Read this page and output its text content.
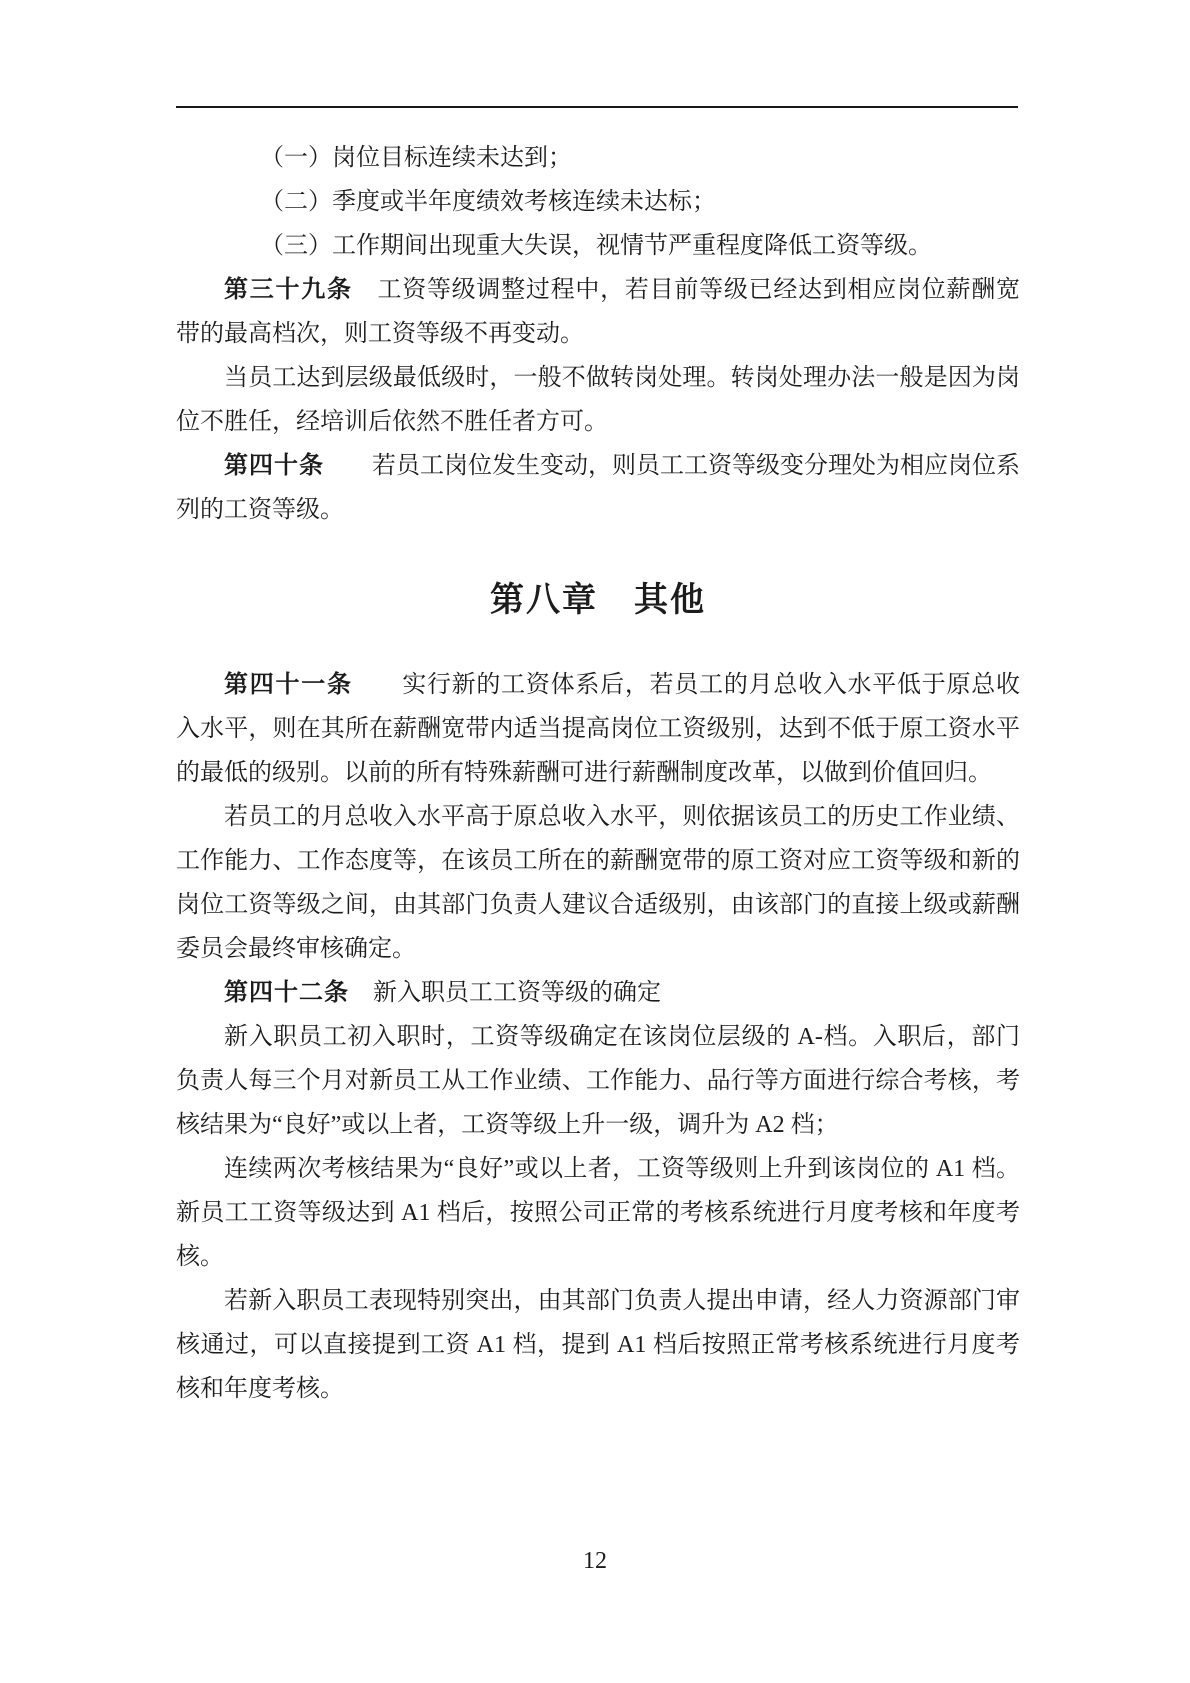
（一）岗位目标连续未达到；

（二）季度或半年度绩效考核连续未达标；

（三）工作期间出现重大失误，视情节严重程度降低工资等级。

第三十九条　工资等级调整过程中，若目前等级已经达到相应岗位薪酬宽带的最高档次，则工资等级不再变动。

当员工达到层级最低级时，一般不做转岗处理。转岗处理办法一般是因为岗位不胜任，经培训后依然不胜任者方可。

第四十条　　若员工岗位发生变动，则员工工资等级变分理处为相应岗位系列的工资等级。

第八章　其他

第四十一条　　实行新的工资体系后，若员工的月总收入水平低于原总收入水平，则在其所在薪酬宽带内适当提高岗位工资级别，达到不低于原工资水平的最低的级别。以前的所有特殊薪酬可进行薪酬制度改革，以做到价值回归。

若员工的月总收入水平高于原总收入水平，则依据该员工的历史工作业绩、工作能力、工作态度等，在该员工所在的薪酬宽带的原工资对应工资等级和新的岗位工资等级之间，由其部门负责人建议合适级别，由该部门的直接上级或薪酬委员会最终审核确定。

第四十二条　新入职员工工资等级的确定

新入职员工初入职时，工资等级确定在该岗位层级的 A-档。入职后，部门负责人每三个月对新员工从工作业绩、工作能力、品行等方面进行综合考核，考核结果为“良好”或以上者，工资等级上升一级，调升为 A2 档；

连续两次考核结果为“良好”或以上者，工资等级则上升到该岗位的 A1 档。新员工工资等级达到 A1 档后，按照公司正常的考核系统进行月度考核和年度考核。

若新入职员工表现特别突出，由其部门负责人提出申请，经人力资源部门审核通过，可以直接提到工资 A1 档，提到 A1 档后按照正常考核系统进行月度考核和年度考核。

12
